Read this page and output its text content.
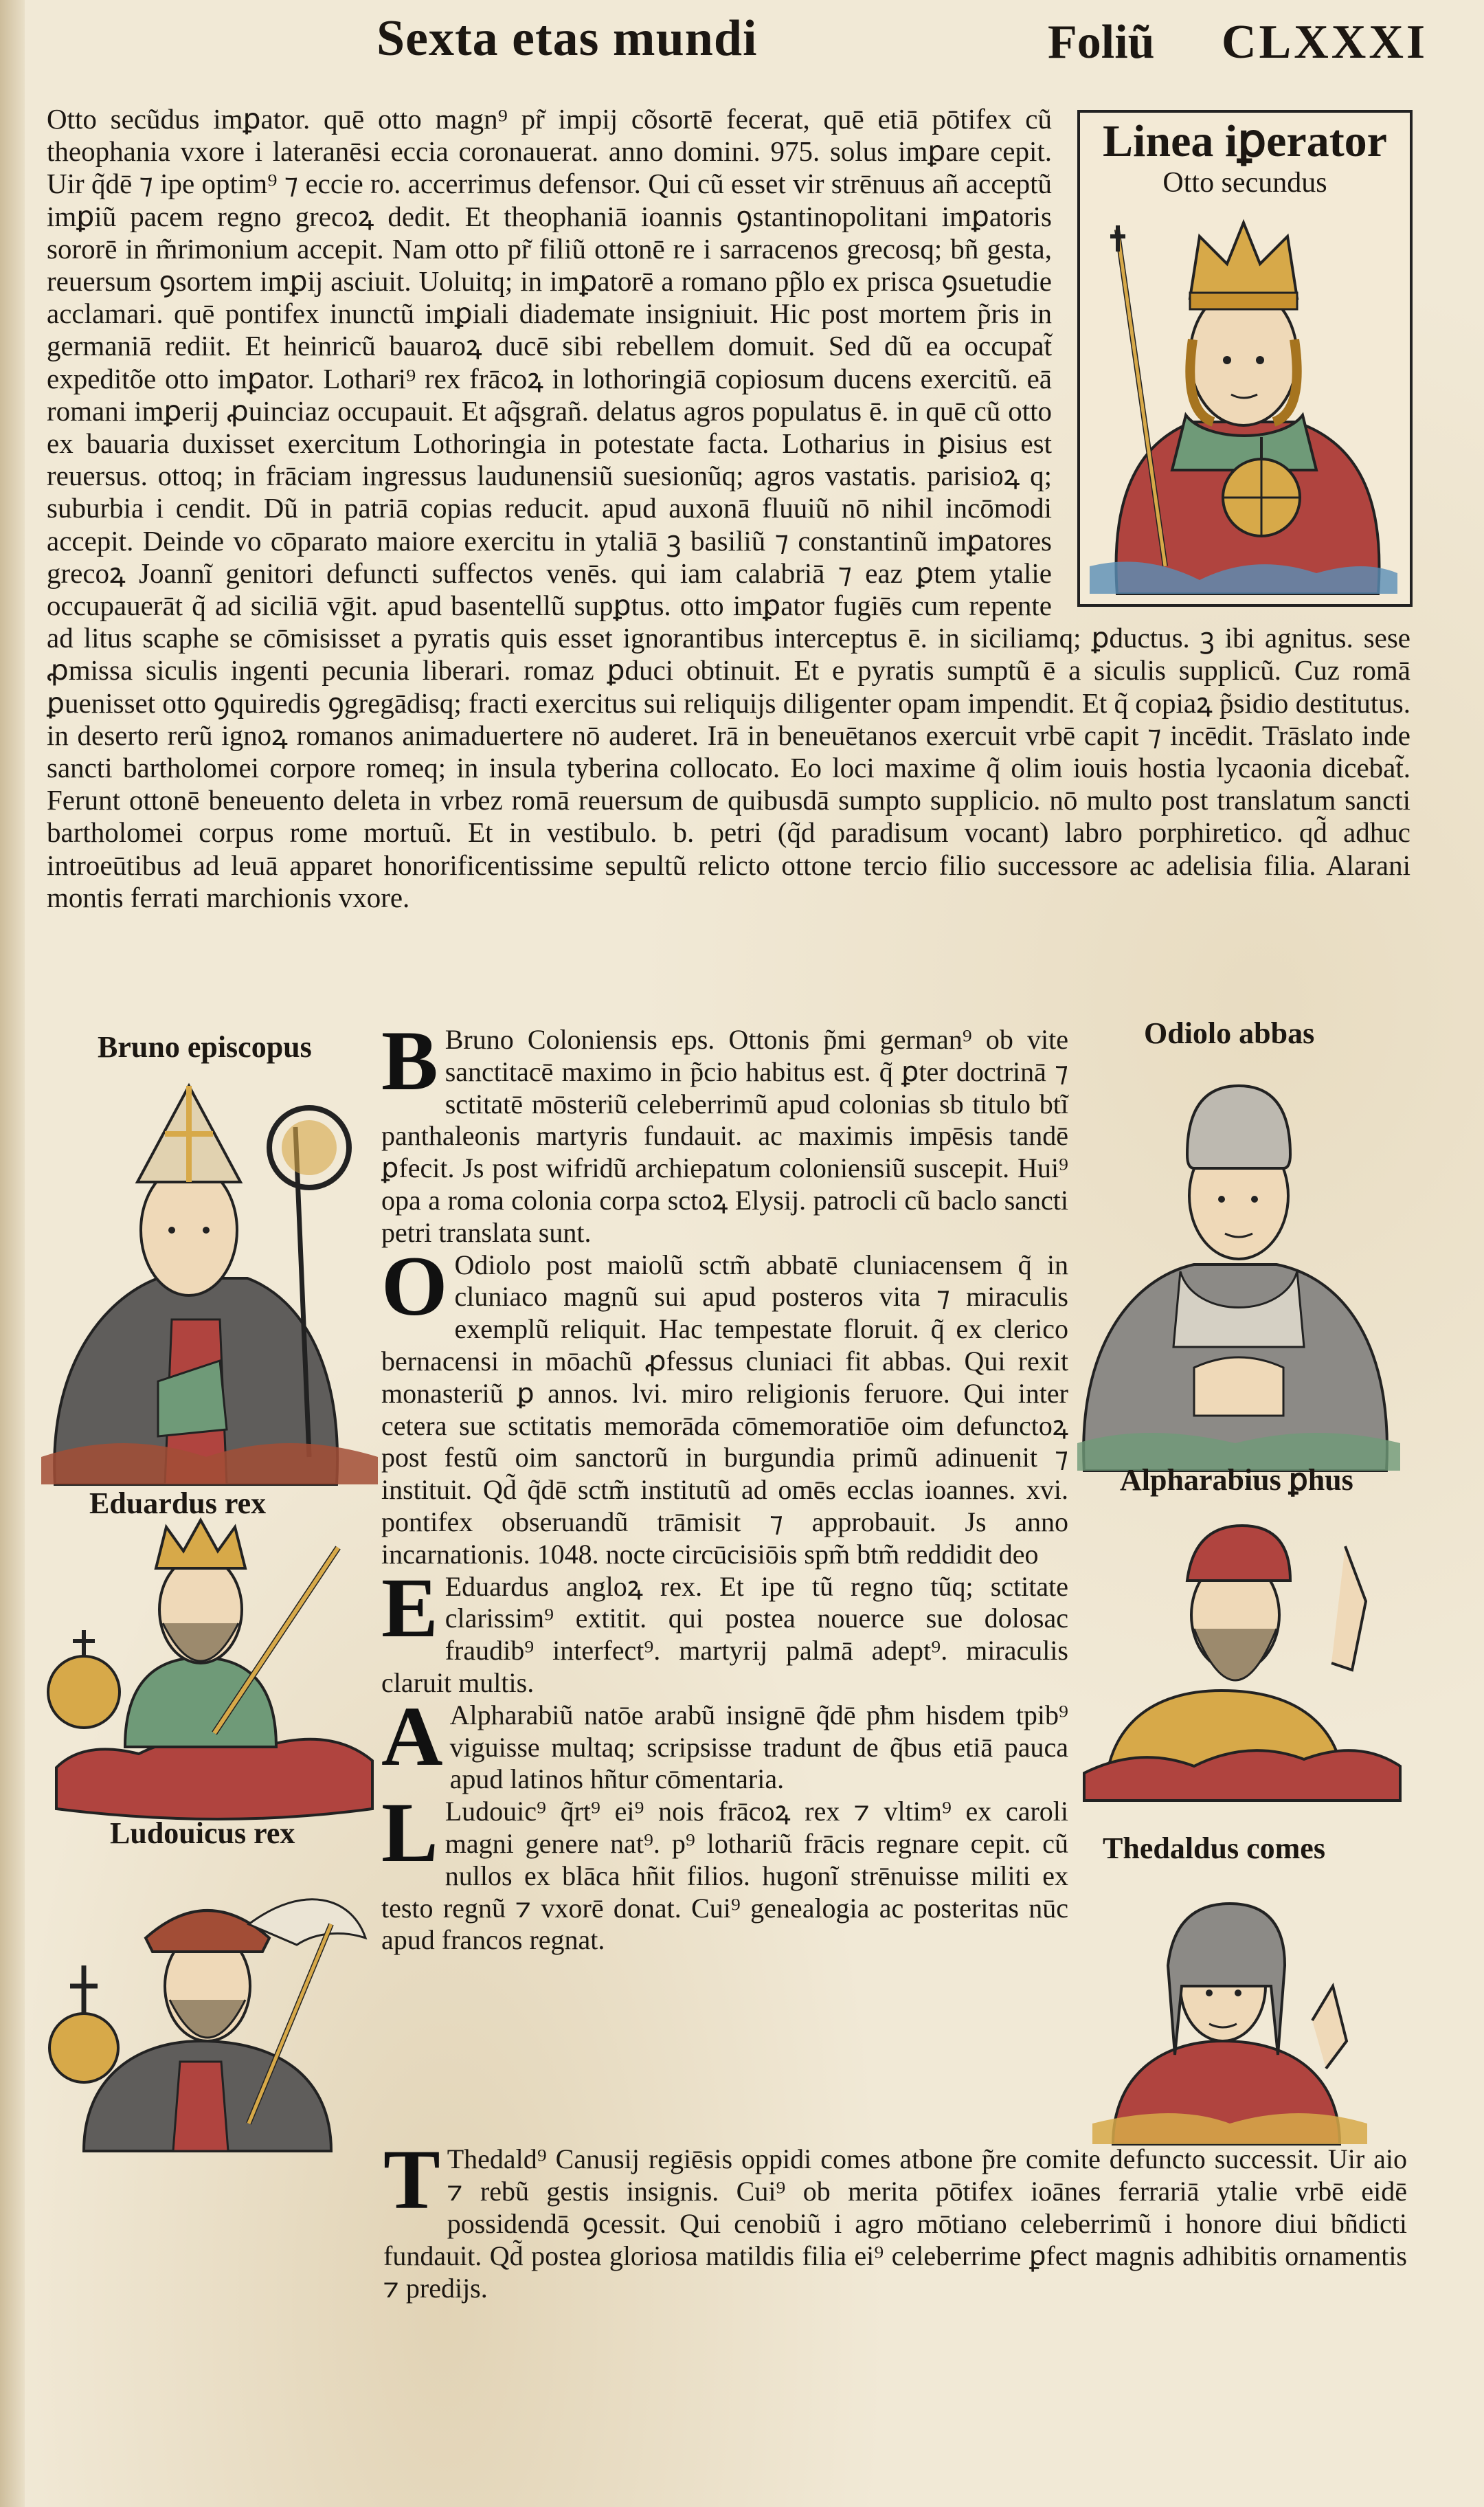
Sexta etas mundi	Foliũ CLXXXI

Otto secũdus imꝑator. quē otto magn⁹ pr̃ impij cõsortē fecerat, quē etiā pōtifex cũ theophania vxore i lateranēsi eccia coronauerat. anno domini. 975. solus imꝑare cepit. Uir q̃dē ⁊ ipe optim⁹ ⁊ eccie ro. accerrimus defensor. Qui cũ esset vir strēnuus añ acceptũ imꝑiũ pacem regno grecoꝝ dedit. Et theophaniā ioannis ꝯstantinopolitani imꝑatoris sororē in m̃rimonium accepit. Nam otto pr̃ filiũ ottonē re i sarracenos grecosq; bñ gesta, reuersum ꝯsortem imꝑij asciuit. Uoluitq; in imꝑatorē a romano pp̃lo ex prisca ꝯsuetudie acclamari. quē pontifex inunctũ imꝑiali diademate insigniuit. Hic post mortem p̃ris in germaniā rediit. Et heinricũ bauaroꝝ ducē sibi rebellem domuit. Sed dũ ea occupat̃ expeditõe otto imꝑator. Lothari⁹ rex frācoꝝ in lothoringiā copiosum ducens exercitũ. eā romani imꝑerij ꝓuinciaz occupauit. Et aq̃sgrañ. delatus agros populatus ē. in quē cũ otto ex bauaria duxisset exercitum Lothoringia in potestate facta. Lotharius in ꝑisius est reuersus. ottoq; in frāciam ingressus laudunensiũ suesionũq; agros vastatis. parisioꝝ q; suburbia i cendit. Dũ in patriā copias reducit. apud auxonā fluuiũ nō nihil incōmodi accepit. Deinde vo cōparato maiore exercitu in ytaliā ꝫ basiliũ ⁊ constantinũ imꝑatores grecoꝝ Joannĩ genitori defuncti suffectos venēs. qui iam calabriā ⁊ eaz ꝑtem ytalie occupauerāt q̃ ad siciliā vḡit. apud basentellũ supꝑtus. otto imꝑator fugiēs cum repente ad litus scaphe se cōmisisset a pyratis quis esset ignorantibus interceptus ē. in siciliamq; ꝑductus. ꝫ ibi agnitus. sese ꝓmissa siculis ingenti pecunia liberari. romaz ꝑduci obtinuit. Et e pyratis sumptũ ē a siculis supplicũ. Cuz romā ꝑuenisset otto ꝯquiredis ꝯgregādisq; fracti exercitus sui reliquijs diligenter opam impendit. Et q̃ copiaꝝ p̃sidio destitutus. in deserto rerũ ignoꝝ romanos animaduertere nō auderet. Irā in beneuētanos exercuit vrbē capit ⁊ incēdit. Trāslato inde sancti bartholomei corpore romeq; in insula tyberina collocato. Eo loci maxime q̃ olim iouis hostia lycaonia dicebat̃. Ferunt ottonē beneuento deleta in vrbez romā reuersum de quibusdā sumpto supplicio. nō multo post translatum sancti bartholomei corpus rome mortuũ. Et in vestibulo. b. petri (q̃d paradisum vocant) labro porphiretico. qd̃ adhuc introeūtibus ad leuā apparet honorificentissime sepultũ relicto ottone tercio filio successore ac adelisia filia. Alarani montis ferrati marchionis vxore.

Linea iꝑerator
Otto secundus
Bruno episcopus
Eduardus rex
Ludouicus rex

B Bruno Coloniensis eps. Ottonis p̃mi german⁹ ob vite sanctitacē maximo in p̃cio habitus est. q̃ ꝑter doctrinā ⁊ sctitatē mōsteriũ celeberrimũ apud colonias sb titulo btĩ panthaleonis martyris fundauit. ac maximis impēsis tandē ꝑfecit. Js post wifridũ archiepatum coloniensiũ suscepit. Hui⁹ opa a roma colonia corpa sctoꝝ Elysij. patrocli cũ baclo sancti petri translata sunt.

O Odiolo post maiolũ sctm̃ abbatē cluniacensem q̃ in cluniaco magnũ sui apud posteros vita ⁊ miraculis exemplũ reliquit. Hac tempestate floruit. q̃ ex clerico bernacensi in mōachũ ꝓfessus cluniaci fit abbas. Qui rexit monasteriũ ꝑ annos. lvi. miro religionis feruore. Qui inter cetera sue sctitatis memorāda cōmemoratiōe oim defunctoꝝ post festũ oim sanctorũ in burgundia primũ adinuenit ⁊ instituit. Qd̃ q̃dē sctm̃ institutũ ad omēs ecclas ioannes. xvi. pontifex obseruandũ trāmisit ⁊ approbauit. Js anno incarnationis. 1048. nocte circūcisiōis spm̃ btm̃ reddidit deo

E Eduardus angloꝝ rex. Et ipe tũ regno tũq; sctitate clarissim⁹ extitit. qui postea nouerce sue dolosac fraudib⁹ interfect⁹. martyrij palmā adept⁹. miraculis claruit multis.

A Alpharabiũ natōe arabũ insignē q̃dē pħm hisdem tpib⁹ viguisse multaq; scripsisse tradunt de q̃bus etiā pauca apud latinos hñtur cōmentaria.

L Ludouic⁹ q̃rt⁹ ei⁹ nois frācoꝝ rex ⁊ vltim⁹ ex caroli magni genere nat⁹. p⁹ lothariũ frācis regnare cepit. cũ nullos ex blāca hñit filios. hugonĩ strēnuisse militi ex testo regnũ ⁊ vxorē donat. Cui⁹ genealogia ac posteritas nūc apud francos regnat.

Odiolo abbas
Alpharabius ꝑhus
Thedaldus comes

T Thedald⁹ Canusij regiēsis oppidi comes atbone p̃re comite defuncto successit. Uir aio ⁊ rebũ gestis insignis. Cui⁹ ob merita pōtifex ioānes ferrariā ytalie vrbē eidē possidendā ꝯcessit. Qui cenobiũ i agro mōtiano celeberrimũ i honore diui bñdicti fundauit. Qd̃ postea gloriosa matildis filia ei⁹ celeberrime ꝑfect magnis adhibitis ornamentis ⁊ predijs.
